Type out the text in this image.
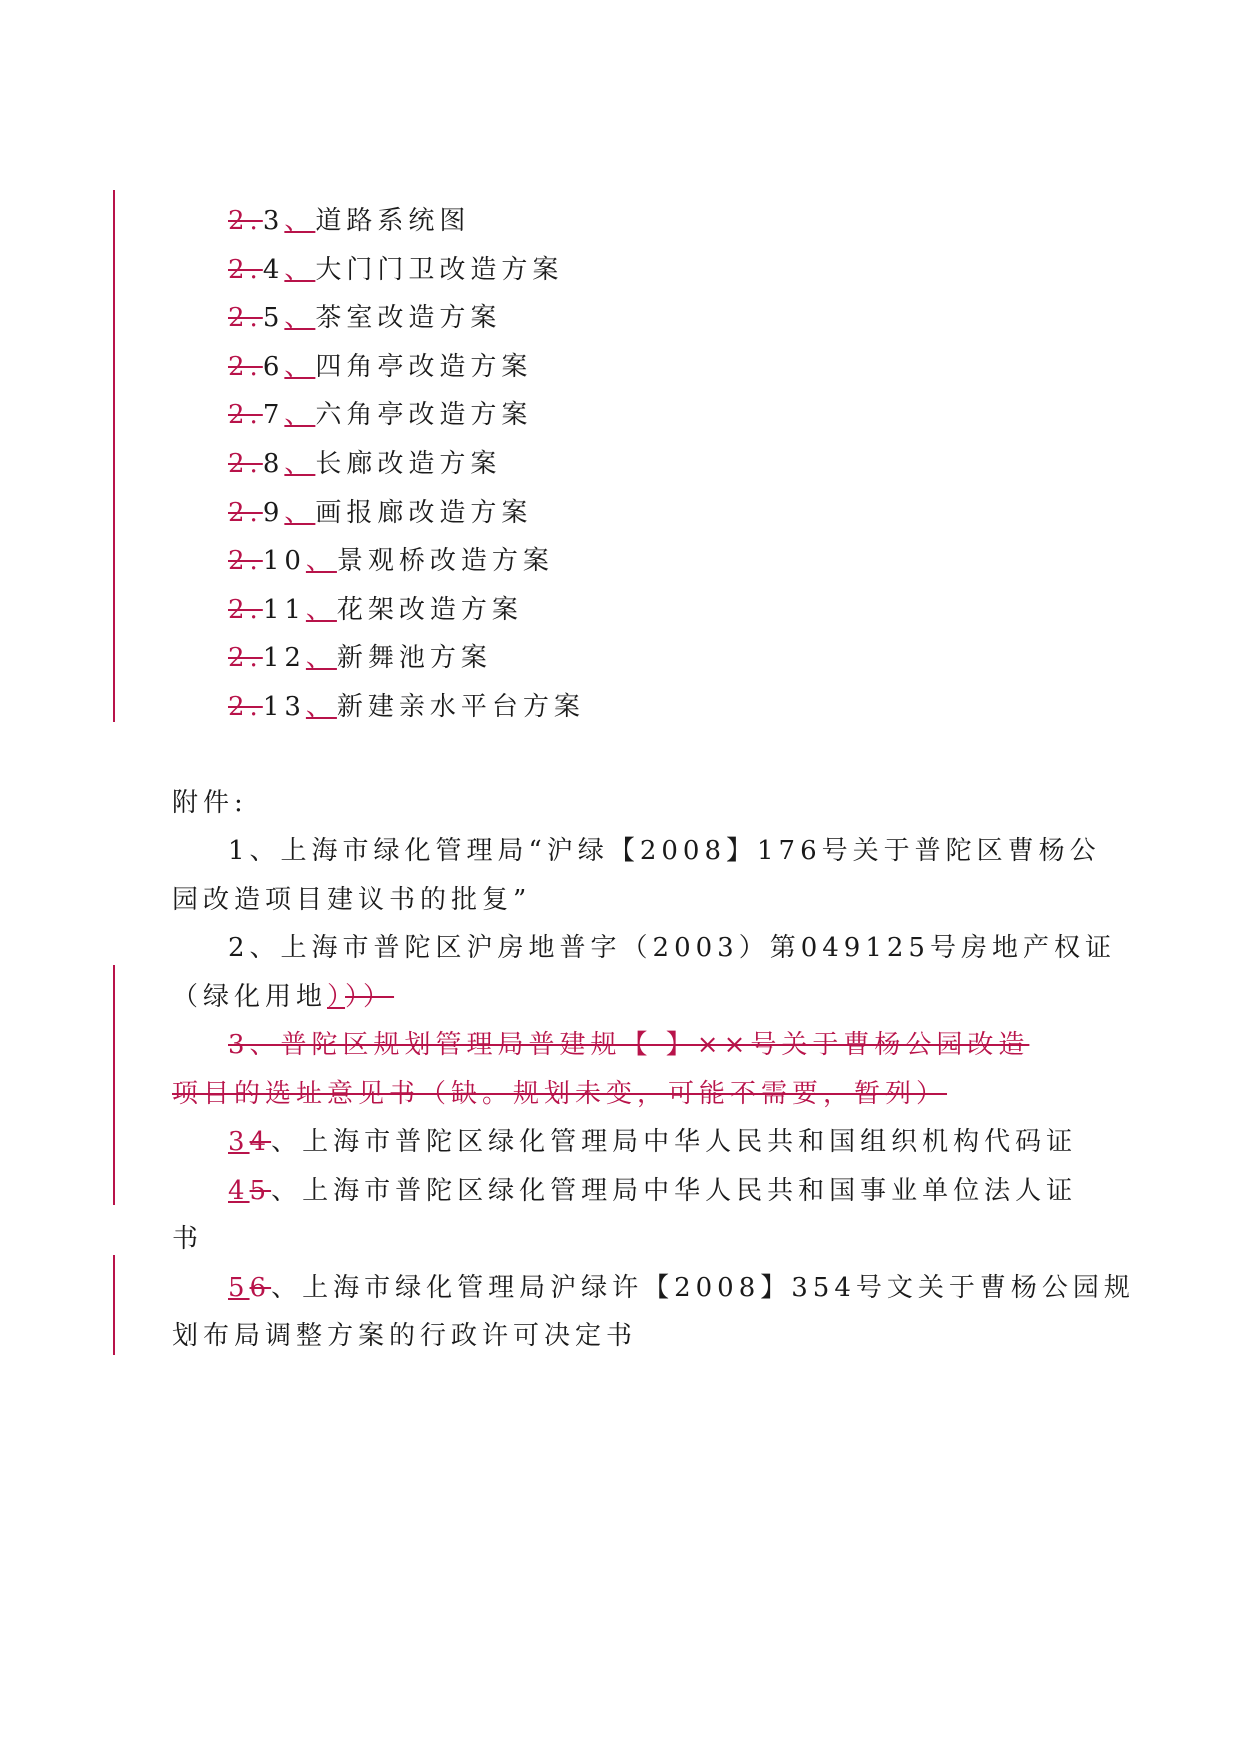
2.3、道路系统图
2.4、大门门卫改造方案
2.5、茶室改造方案
2.6、四角亭改造方案
2.7、六角亭改造方案
2.8、长廊改造方案
2.9、画报廊改造方案
2.10、景观桥改造方案
2.11、花架改造方案
2.12、新舞池方案
2.13、新建亲水平台方案
附件:
1、上海市绿化管理局“沪绿【2008】176号关于普陀区曹杨公
园改造项目建议书的批复”
2、上海市普陀区沪房地普字（2003）第049125号房地产权证
（绿化用地）））
3、普陀区规划管理局普建规【 】××号关于曹杨公园改造
项目的选址意见书（缺。规划未变，可能不需要，暂列）
34、上海市普陀区绿化管理局中华人民共和国组织机构代码证
45、上海市普陀区绿化管理局中华人民共和国事业单位法人证
书
56、上海市绿化管理局沪绿许【2008】354号文关于曹杨公园规
划布局调整方案的行政许可决定书
